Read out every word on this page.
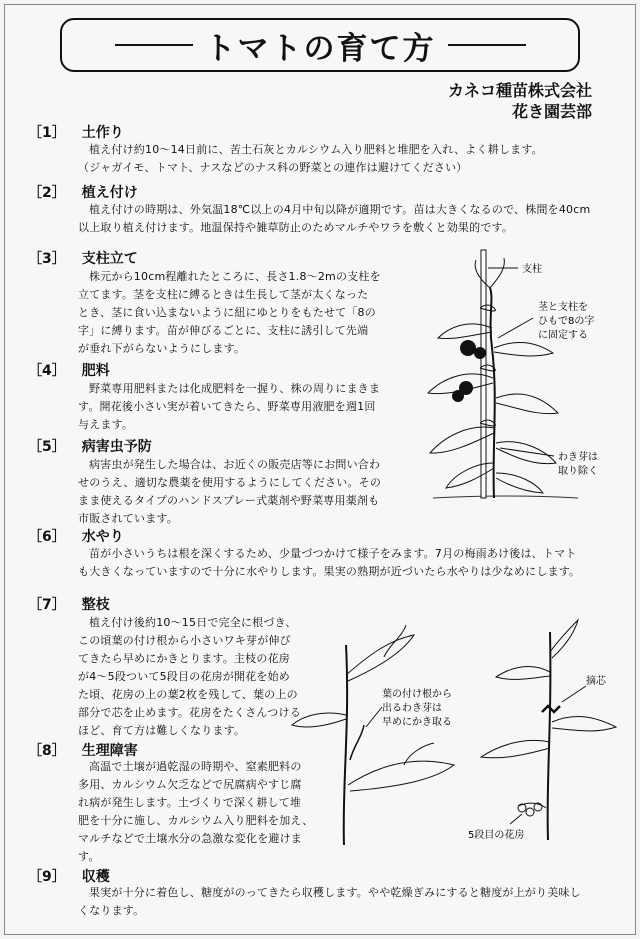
トマトの育て方
カネコ種苗株式会社
花き園芸部
［1］ 土作り

植え付け約10～14日前に、苦土石灰とカルシウム入り肥料と堆肥を入れ、よく耕します。

（ジャガイモ、トマト、ナスなどのナス科の野菜との連作は避けてください）

［2］ 植え付け

植え付けの時期は、外気温18℃以上の4月中旬以降が適期です。苗は大きくなるので、株間を40cm

以上取り植え付けます。地温保持や雑草防止のためマルチやワラを敷くと効果的です。

［3］ 支柱立て

株元から10cm程離れたところに、長さ1.8～2mの支柱を

立てます。茎を支柱に縛るときは生長して茎が太くなった

とき、茎に食い込まないように紐にゆとりをもたせて「8の

字」に縛ります。苗が伸びるごとに、支柱に誘引して先端

が垂れ下がらないようにします。

［4］ 肥料

野菜専用肥料または化成肥料を一握り、株の周りにまきま

す。開花後小さい実が着いてきたら、野菜専用液肥を週1回

与えます。

［5］ 病害虫予防

病害虫が発生した場合は、お近くの販売店等にお問い合わ

せのうえ、適切な農薬を使用するようにしてください。その

まま使えるタイプのハンドスプレー式薬剤や野菜専用薬剤も

市販されています。

［6］ 水やり

苗が小さいうちは根を深くするため、少量づつかけて様子をみます。7月の梅雨あけ後は、トマト

も大きくなっていますので十分に水やりします。果実の熟期が近づいたら水やりは少なめにします。

［7］ 整枝

植え付け後約10～15日で完全に根づき、

この頃葉の付け根から小さいワキ芽が伸び

てきたら早めにかきとります。主枝の花房

が4～5段ついて5段目の花房が開花を始め

た頃、花房の上の葉2枚を残して、葉の上の

部分で芯を止めます。花房をたくさんつける

ほど、育て方は難しくなります。

［8］ 生理障害

高温で土壌が過乾湿の時期や、窒素肥料の

多用、カルシウム欠乏などで尻腐病やすじ腐

れ病が発生します。土づくりで深く耕して堆

肥を十分に施し、カルシウム入り肥料を加え、

マルチなどで土壌水分の急激な変化を避けま

す。

［9］ 収穫

果実が十分に着色し、糖度がのってきたら収穫します。やや乾燥ぎみにすると糖度が上がり美味し

くなります。

支柱
茎と支柱を
ひもで8の字
に固定する
わき芽は
取り除く
葉の付け根から
出るわき芽は
早めにかき取る
摘芯
5段目の花房
